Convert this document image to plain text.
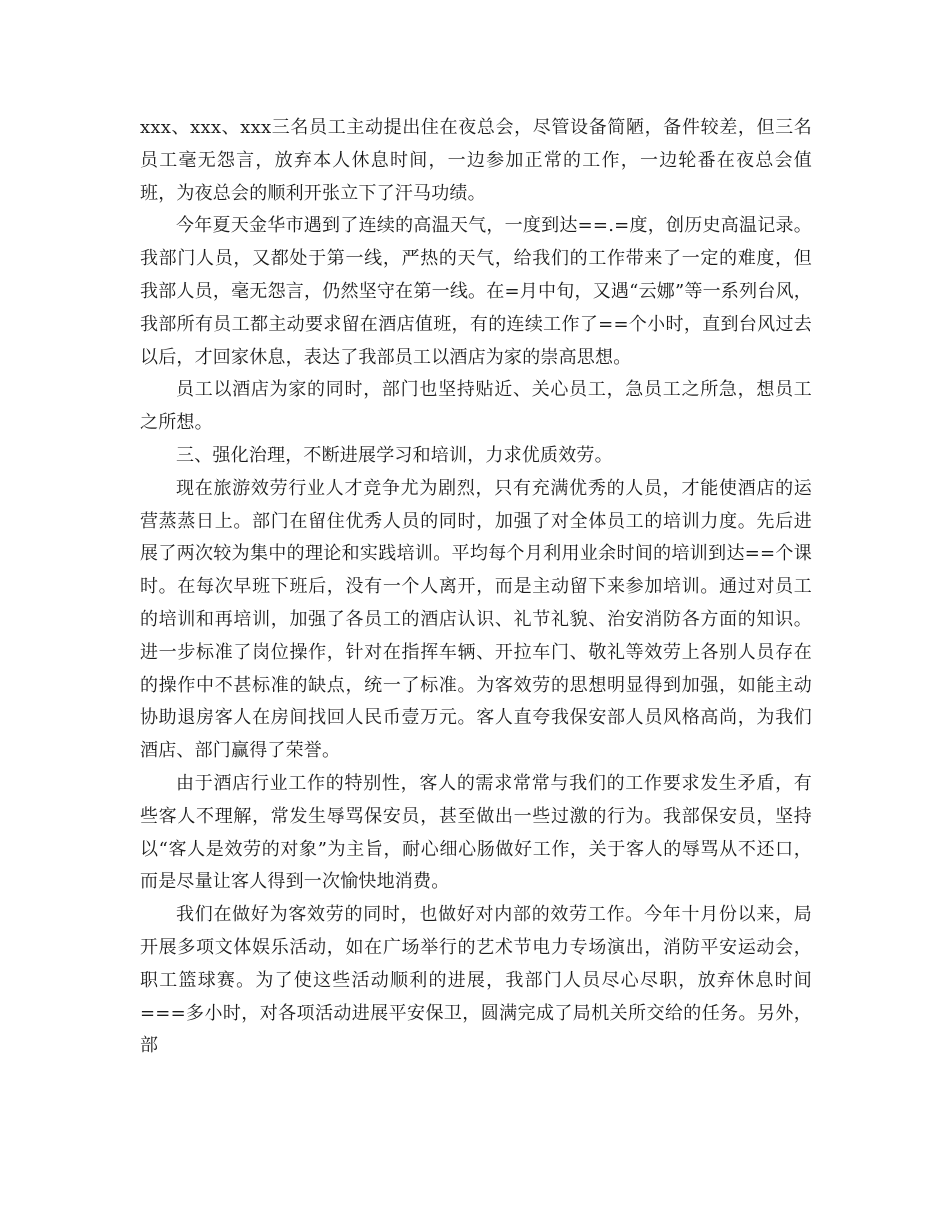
xxx、xxx、xxx三名员工主动提出住在夜总会，尽管设备简陋，备件较差，但三名员工毫无怨言，放弃本人休息时间，一边参加正常的工作，一边轮番在夜总会值班，为夜总会的顺利开张立下了汗马功绩。

今年夏天金华市遇到了连续的高温天气，一度到达==.=度，创历史高温记录。我部门人员，又都处于第一线，严热的天气，给我们的工作带来了一定的难度，但我部人员，毫无怨言，仍然坚守在第一线。在=月中旬，又遇“云娜”等一系列台风，我部所有员工都主动要求留在酒店值班，有的连续工作了==个小时，直到台风过去以后，才回家休息，表达了我部员工以酒店为家的崇高思想。

员工以酒店为家的同时，部门也坚持贴近、关心员工，急员工之所急，想员工之所想。

三、强化治理，不断进展学习和培训，力求优质效劳。

现在旅游效劳行业人才竞争尤为剧烈，只有充满优秀的人员，才能使酒店的运营蒸蒸日上。部门在留住优秀人员的同时，加强了对全体员工的培训力度。先后进展了两次较为集中的理论和实践培训。平均每个月利用业余时间的培训到达==个课时。在每次早班下班后，没有一个人离开，而是主动留下来参加培训。通过对员工的培训和再培训，加强了各员工的酒店认识、礼节礼貌、治安消防各方面的知识。进一步标准了岗位操作，针对在指挥车辆、开拉车门、敬礼等效劳上各别人员存在的操作中不甚标准的缺点，统一了标准。为客效劳的思想明显得到加强，如能主动协助退房客人在房间找回人民币壹万元。客人直夸我保安部人员风格高尚，为我们酒店、部门赢得了荣誉。

由于酒店行业工作的特别性，客人的需求常常与我们的工作要求发生矛盾，有些客人不理解，常发生辱骂保安员，甚至做出一些过激的行为。我部保安员，坚持以“客人是效劳的对象”为主旨，耐心细心肠做好工作，关于客人的辱骂从不还口，而是尽量让客人得到一次愉快地消费。

我们在做好为客效劳的同时，也做好对内部的效劳工作。今年十月份以来，局开展多项文体娱乐活动，如在广场举行的艺术节电力专场演出，消防平安运动会，职工篮球赛。为了使这些活动顺利的进展，我部门人员尽心尽职，放弃休息时间===多小时，对各项活动进展平安保卫，圆满完成了局机关所交给的任务。另外，部
